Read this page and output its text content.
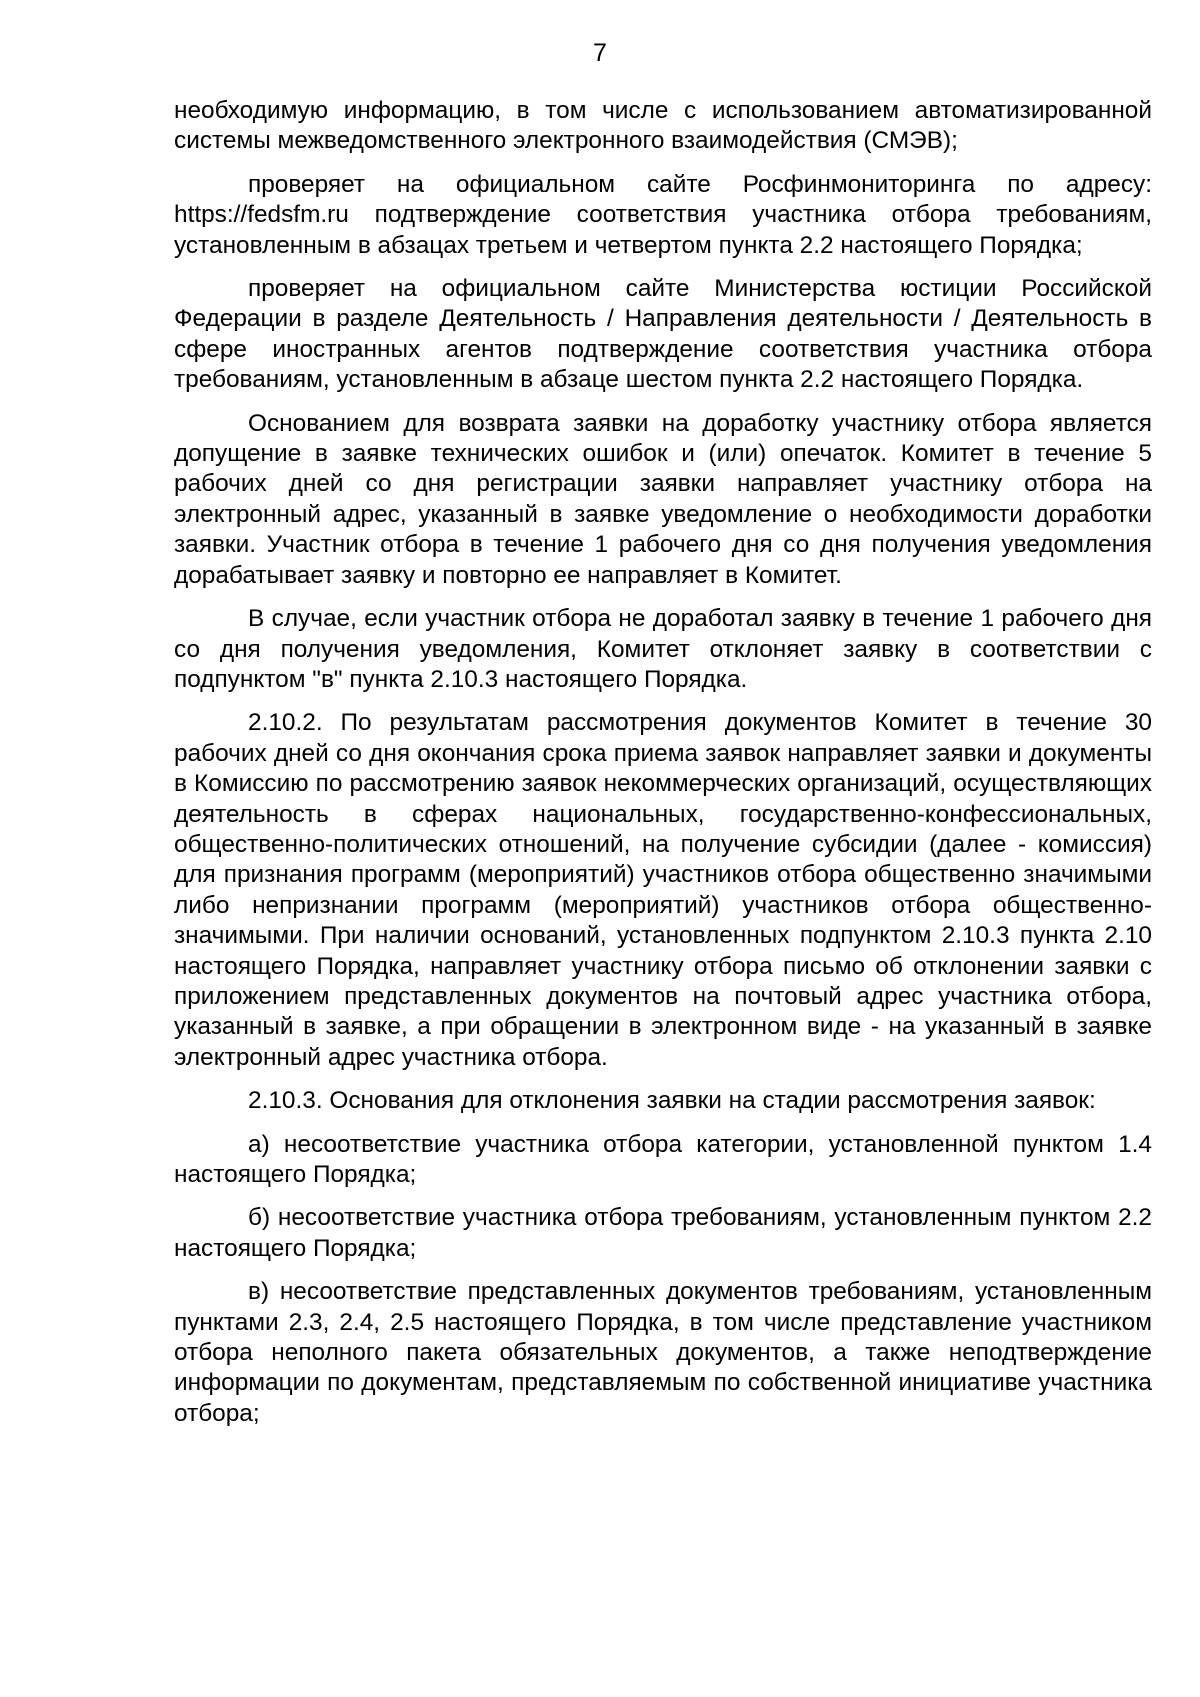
7

необходимую информацию, в том числе с использованием автоматизированной системы межведомственного электронного взаимодействия (СМЭВ);

проверяет на официальном сайте Росфинмониторинга по адресу: https://fedsfm.ru подтверждение соответствия участника отбора требованиям, установленным в абзацах третьем и четвертом пункта 2.2 настоящего Порядка;

проверяет на официальном сайте Министерства юстиции Российской Федерации в разделе Деятельность / Направления деятельности / Деятельность в сфере иностранных агентов подтверждение соответствия участника отбора требованиям, установленным в абзаце шестом пункта 2.2 настоящего Порядка.

Основанием для возврата заявки на доработку участнику отбора является допущение в заявке технических ошибок и (или) опечаток. Комитет в течение 5 рабочих дней со дня регистрации заявки направляет участнику отбора на электронный адрес, указанный в заявке уведомление о необходимости доработки заявки. Участник отбора в течение 1 рабочего дня со дня получения уведомления дорабатывает заявку и повторно ее направляет в Комитет.

В случае, если участник отбора не доработал заявку в течение 1 рабочего дня со дня получения уведомления, Комитет отклоняет заявку в соответствии с подпунктом "в" пункта 2.10.3 настоящего Порядка.

2.10.2. По результатам рассмотрения документов Комитет в течение 30 рабочих дней со дня окончания срока приема заявок направляет заявки и документы в Комиссию по рассмотрению заявок некоммерческих организаций, осуществляющих деятельность в сферах национальных, государственно-конфессиональных, общественно-политических отношений, на получение субсидии (далее - комиссия) для признания программ (мероприятий) участников отбора общественно значимыми либо непризнании программ (мероприятий) участников отбора общественно-значимыми. При наличии оснований, установленных подпунктом 2.10.3 пункта 2.10 настоящего Порядка, направляет участнику отбора письмо об отклонении заявки с приложением представленных документов на почтовый адрес участника отбора, указанный в заявке, а при обращении в электронном виде - на указанный в заявке электронный адрес участника отбора.

2.10.3. Основания для отклонения заявки на стадии рассмотрения заявок:

а) несоответствие участника отбора категории, установленной пунктом 1.4 настоящего Порядка;

б) несоответствие участника отбора требованиям, установленным пунктом 2.2 настоящего Порядка;

в) несоответствие представленных документов требованиям, установленным пунктами 2.3, 2.4, 2.5 настоящего Порядка, в том числе представление участником отбора неполного пакета обязательных документов, а также неподтверждение информации по документам, представляемым по собственной инициативе участника отбора;
